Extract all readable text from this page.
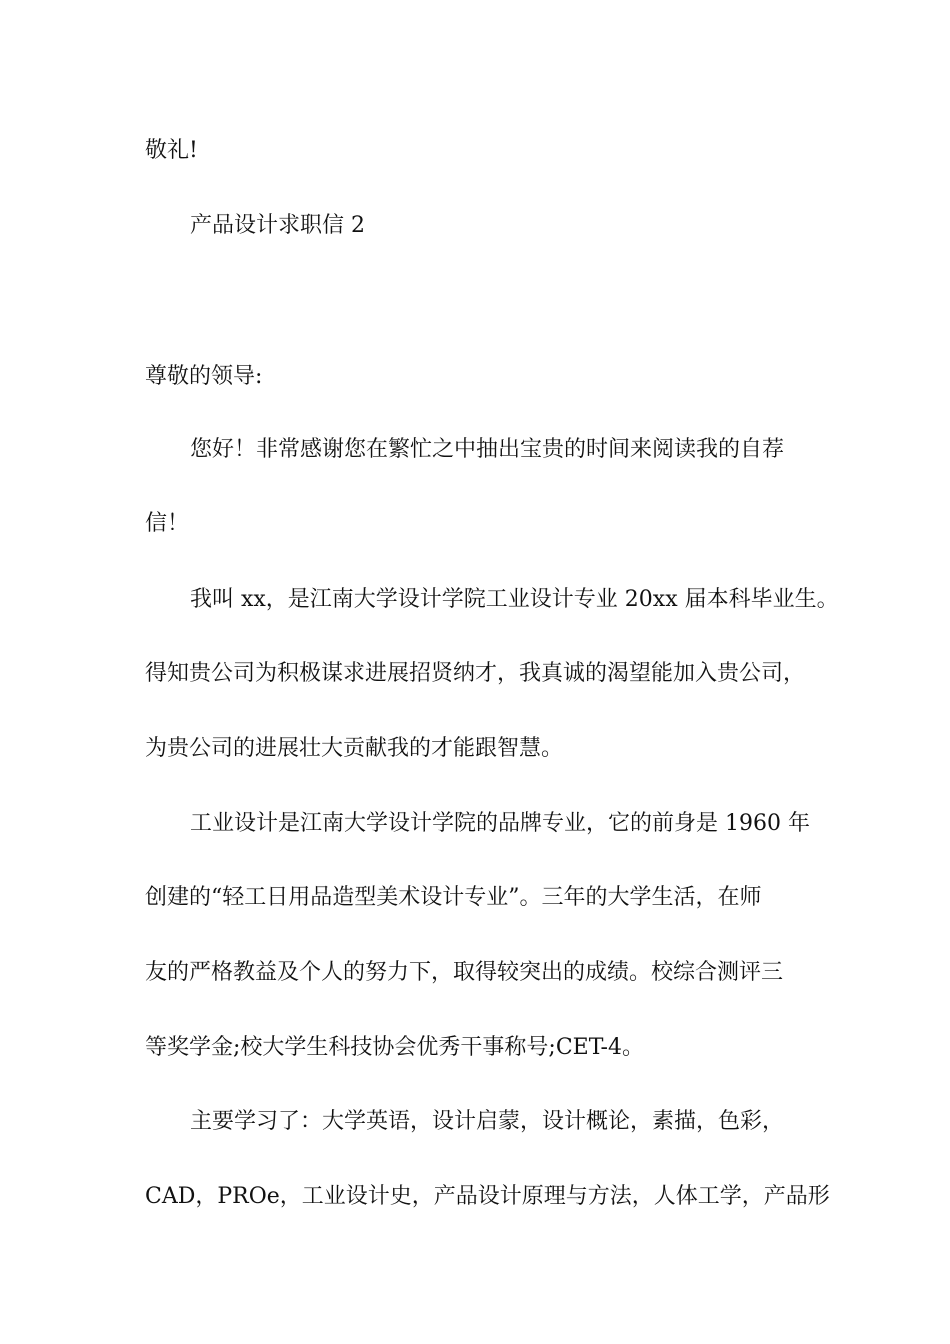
敬礼!
产品设计求职信 2
尊敬的领导:
您好！非常感谢您在繁忙之中抽出宝贵的时间来阅读我的自荐
信！
我叫 xx，是江南大学设计学院工业设计专业 20xx 届本科毕业生。
得知贵公司为积极谋求进展招贤纳才，我真诚的渴望能加入贵公司，
为贵公司的进展壮大贡献我的才能跟智慧。
工业设计是江南大学设计学院的品牌专业，它的前身是 1960 年
创建的“轻工日用品造型美术设计专业”。三年的大学生活，在师
友的严格教益及个人的努力下，取得较突出的成绩。校综合测评三
等奖学金;校大学生科技协会优秀干事称号;CET-4。
主要学习了：大学英语，设计启蒙，设计概论，素描，色彩，
CAD，PROe，工业设计史，产品设计原理与方法，人体工学，产品形
